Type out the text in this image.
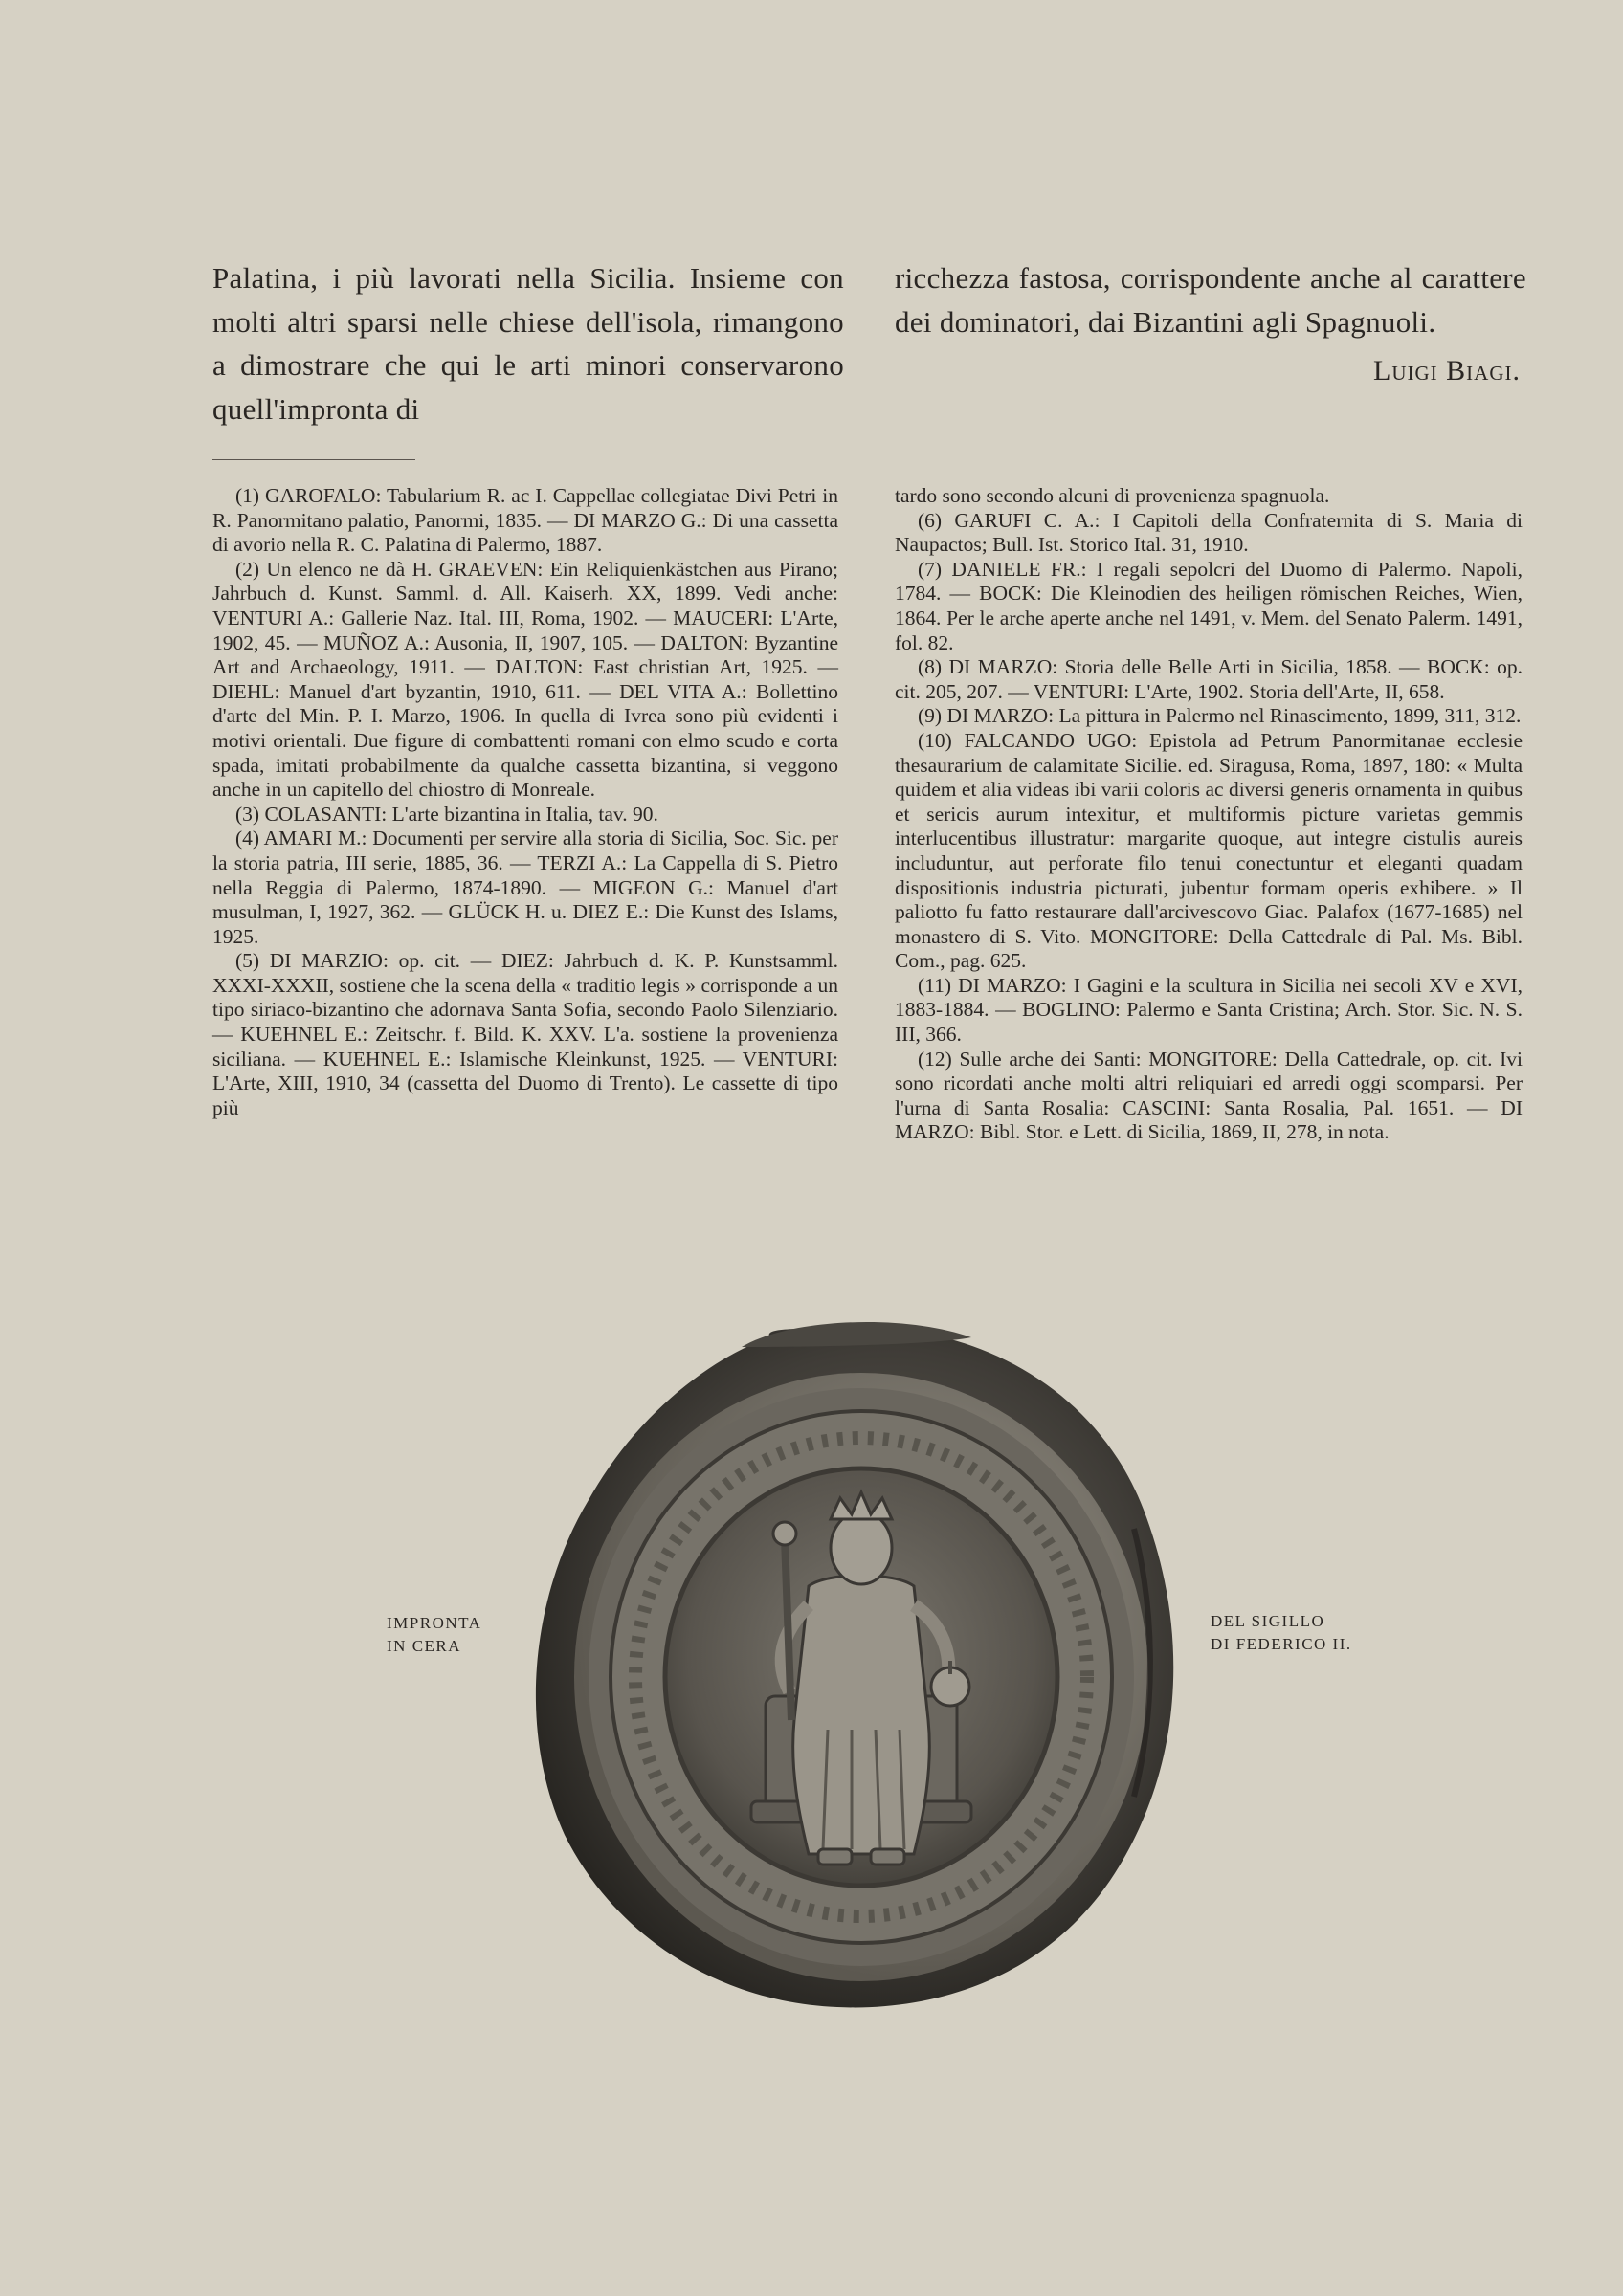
Palatina, i più lavorati nella Sicilia. Insieme con molti altri sparsi nelle chiese dell'isola, rimangono a dimostrare che qui le arti minori conservarono quell'impronta di

ricchezza fastosa, corrispondente anche al carattere dei dominatori, dai Bizantini agli Spagnuoli.

Luigi Biagi.

(1) GAROFALO: Tabularium R. ac I. Cappellae collegiatae Divi Petri in R. Panormitano palatio, Panormi, 1835. — DI MARZO G.: Di una cassetta di avorio nella R. C. Palatina di Palermo, 1887.

(2) Un elenco ne dà H. GRAEVEN: Ein Reliquienkästchen aus Pirano; Jahrbuch d. Kunst. Samml. d. All. Kaiserh. XX, 1899. Vedi anche: VENTURI A.: Gallerie Naz. Ital. III, Roma, 1902. — MAUCERI: L'Arte, 1902, 45. — MUÑOZ A.: Ausonia, II, 1907, 105. — DALTON: Byzantine Art and Archaeology, 1911. — DALTON: East christian Art, 1925. — DIEHL: Manuel d'art byzantin, 1910, 611. — DEL VITA A.: Bollettino d'arte del Min. P. I. Marzo, 1906. In quella di Ivrea sono più evidenti i motivi orientali. Due figure di combattenti romani con elmo scudo e corta spada, imitati probabilmente da qualche cassetta bizantina, si veggono anche in un capitello del chiostro di Monreale.

(3) COLASANTI: L'arte bizantina in Italia, tav. 90.

(4) AMARI M.: Documenti per servire alla storia di Sicilia, Soc. Sic. per la storia patria, III serie, 1885, 36. — TERZI A.: La Cappella di S. Pietro nella Reggia di Palermo, 1874-1890. — MIGEON G.: Manuel d'art musulman, I, 1927, 362. — GLÜCK H. u. DIEZ E.: Die Kunst des Islams, 1925.

(5) DI MARZIO: op. cit. — DIEZ: Jahrbuch d. K. P. Kunstsamml. XXXI-XXXII, sostiene che la scena della « traditio legis » corrisponde a un tipo siriaco-bizantino che adornava Santa Sofia, secondo Paolo Silenziario. — KUEHNEL E.: Zeitschr. f. Bild. K. XXV. L'a. sostiene la provenienza siciliana. — KUEHNEL E.: Islamische Kleinkunst, 1925. — VENTURI: L'Arte, XIII, 1910, 34 (cassetta del Duomo di Trento). Le cassette di tipo più

tardo sono secondo alcuni di provenienza spagnuola.

(6) GARUFI C. A.: I Capitoli della Confraternita di S. Maria di Naupactos; Bull. Ist. Storico Ital. 31, 1910.

(7) DANIELE FR.: I regali sepolcri del Duomo di Palermo. Napoli, 1784. — BOCK: Die Kleinodien des heiligen römischen Reiches, Wien, 1864. Per le arche aperte anche nel 1491, v. Mem. del Senato Palerm. 1491, fol. 82.

(8) DI MARZO: Storia delle Belle Arti in Sicilia, 1858. — BOCK: op. cit. 205, 207. — VENTURI: L'Arte, 1902. Storia dell'Arte, II, 658.

(9) DI MARZO: La pittura in Palermo nel Rinascimento, 1899, 311, 312.

(10) FALCANDO UGO: Epistola ad Petrum Panormitanae ecclesie thesaurarium de calamitate Sicilie. ed. Siragusa, Roma, 1897, 180: « Multa quidem et alia videas ibi varii coloris ac diversi generis ornamenta in quibus et sericis aurum intexitur, et multiformis picture varietas gemmis interlucentibus illustratur: margarite quoque, aut integre cistulis aureis includuntur, aut perforate filo tenui conectuntur et eleganti quadam dispositionis industria picturati, jubentur formam operis exhibere. » Il paliotto fu fatto restaurare dall'arcivescovo Giac. Palafox (1677-1685) nel monastero di S. Vito. MONGITORE: Della Cattedrale di Pal. Ms. Bibl. Com., pag. 625.

(11) DI MARZO: I Gagini e la scultura in Sicilia nei secoli XV e XVI, 1883-1884. — BOGLINO: Palermo e Santa Cristina; Arch. Stor. Sic. N. S. III, 366.

(12) Sulle arche dei Santi: MONGITORE: Della Cattedrale, op. cit. Ivi sono ricordati anche molti altri reliquiari ed arredi oggi scomparsi. Per l'urna di Santa Rosalia: CASCINI: Santa Rosalia, Pal. 1651. — DI MARZO: Bibl. Stor. e Lett. di Sicilia, 1869, II, 278, in nota.

IMPRONTA
IN CERA
DEL SIGILLO
DI FEDERICO II.
